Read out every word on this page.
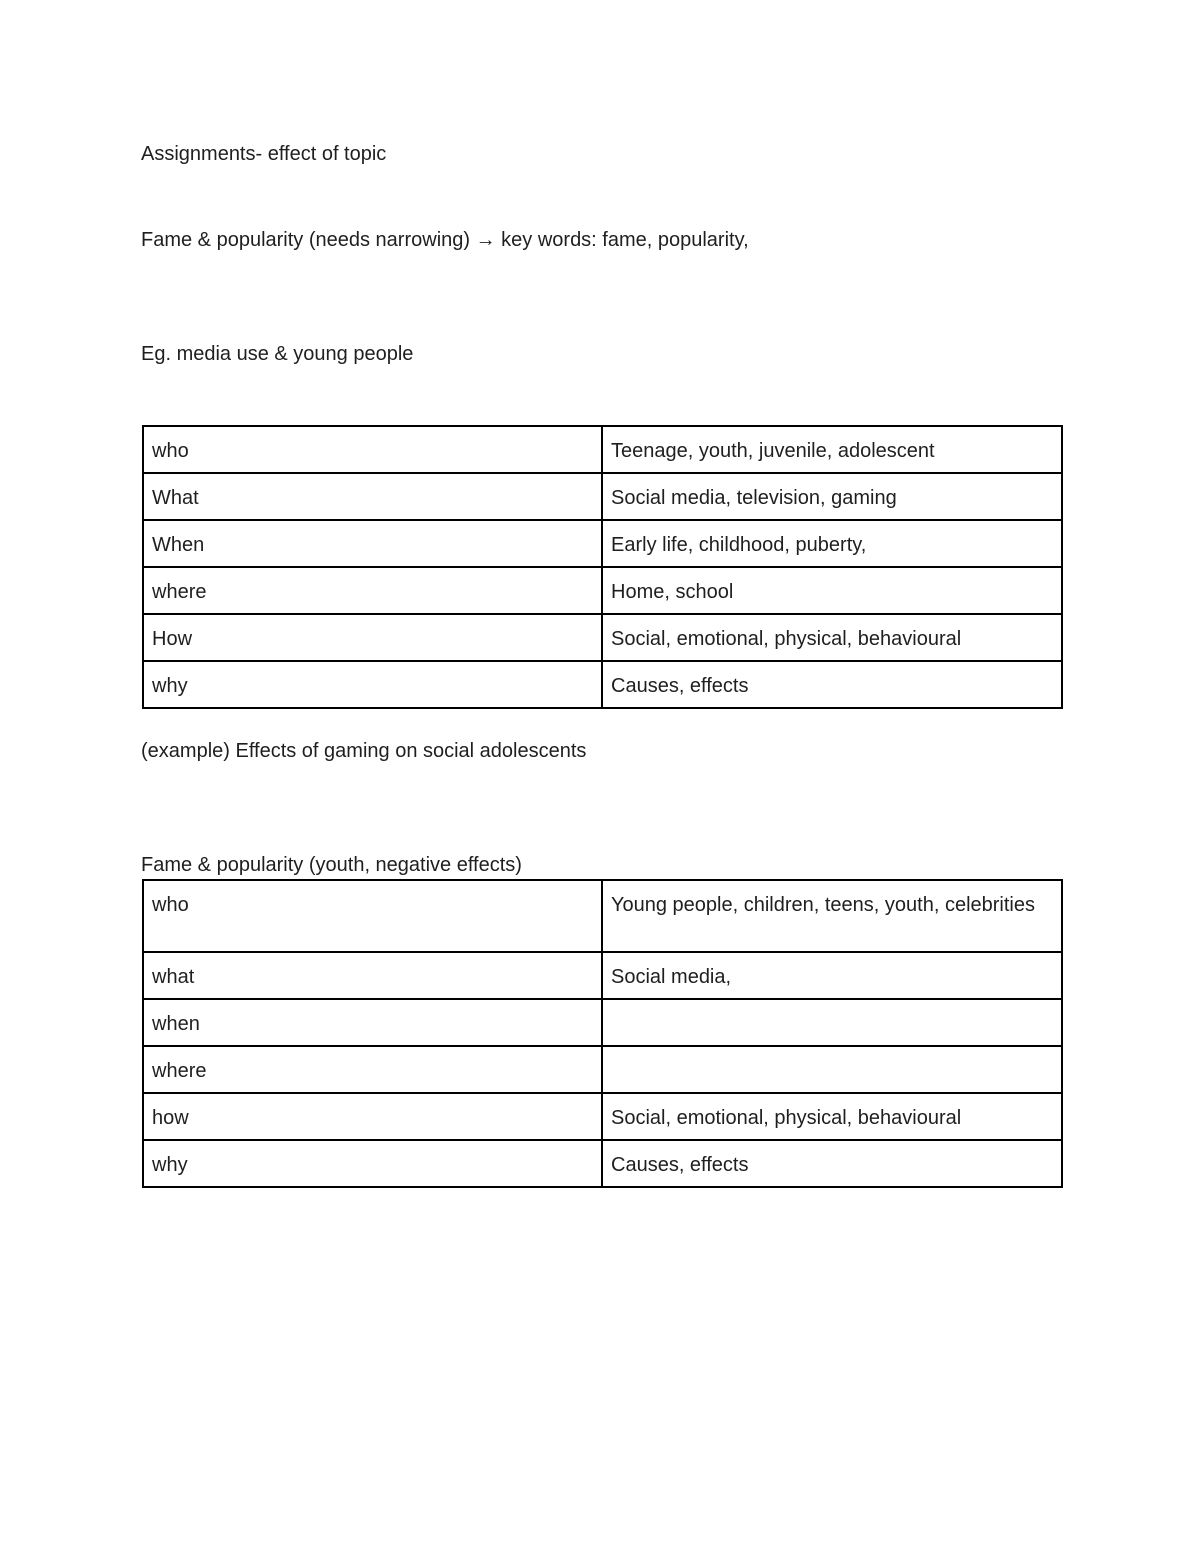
Assignments- effect of topic
Fame & popularity (needs narrowing) → key words: fame, popularity,
Eg. media use & young people
who	Teenage, youth, juvenile, adolescent
What	Social media, television, gaming
When	Early life, childhood, puberty,
where	Home, school
How	Social, emotional, physical, behavioural
why	Causes, effects
(example) Effects of gaming on social adolescents
Fame & popularity (youth, negative effects)
who	Young people, children, teens, youth, celebrities
what	Social media,
when	
where	
how	Social, emotional, physical, behavioural
why	Causes, effects
